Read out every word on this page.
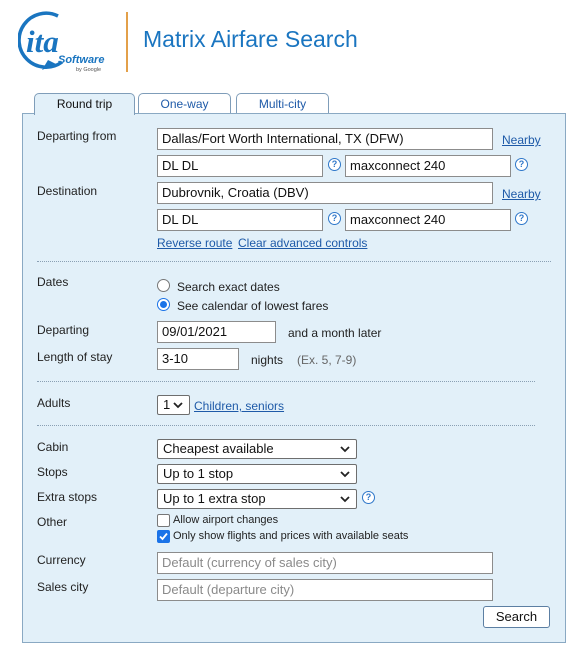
ita
Software
by Google
Matrix Airfare Search
Round trip	One-way	Multi-city
Departing from	Dallas/Fort Worth International, TX (DFW)	Nearby
DL DL	? maxconnect 240	?
Destination	Dubrovnik, Croatia (DBV)	Nearby
DL DL	? maxconnect 240	?
Reverse route Clear advanced controls
Dates	Search exact dates
See calendar of lowest fares
Departing	09/01/2021	and a month later
Length of stay	3-10	nights (Ex. 5, 7-9)
Adults	1	Children, seniors
Cabin	Cheapest available
Stops	Up to 1 stop
Extra stops	Up to 1 extra stop	?
Other	Allow airport changes
Only show flights and prices with available seats
Currency	Default (currency of sales city)
Sales city	Default (departure city)
Search
